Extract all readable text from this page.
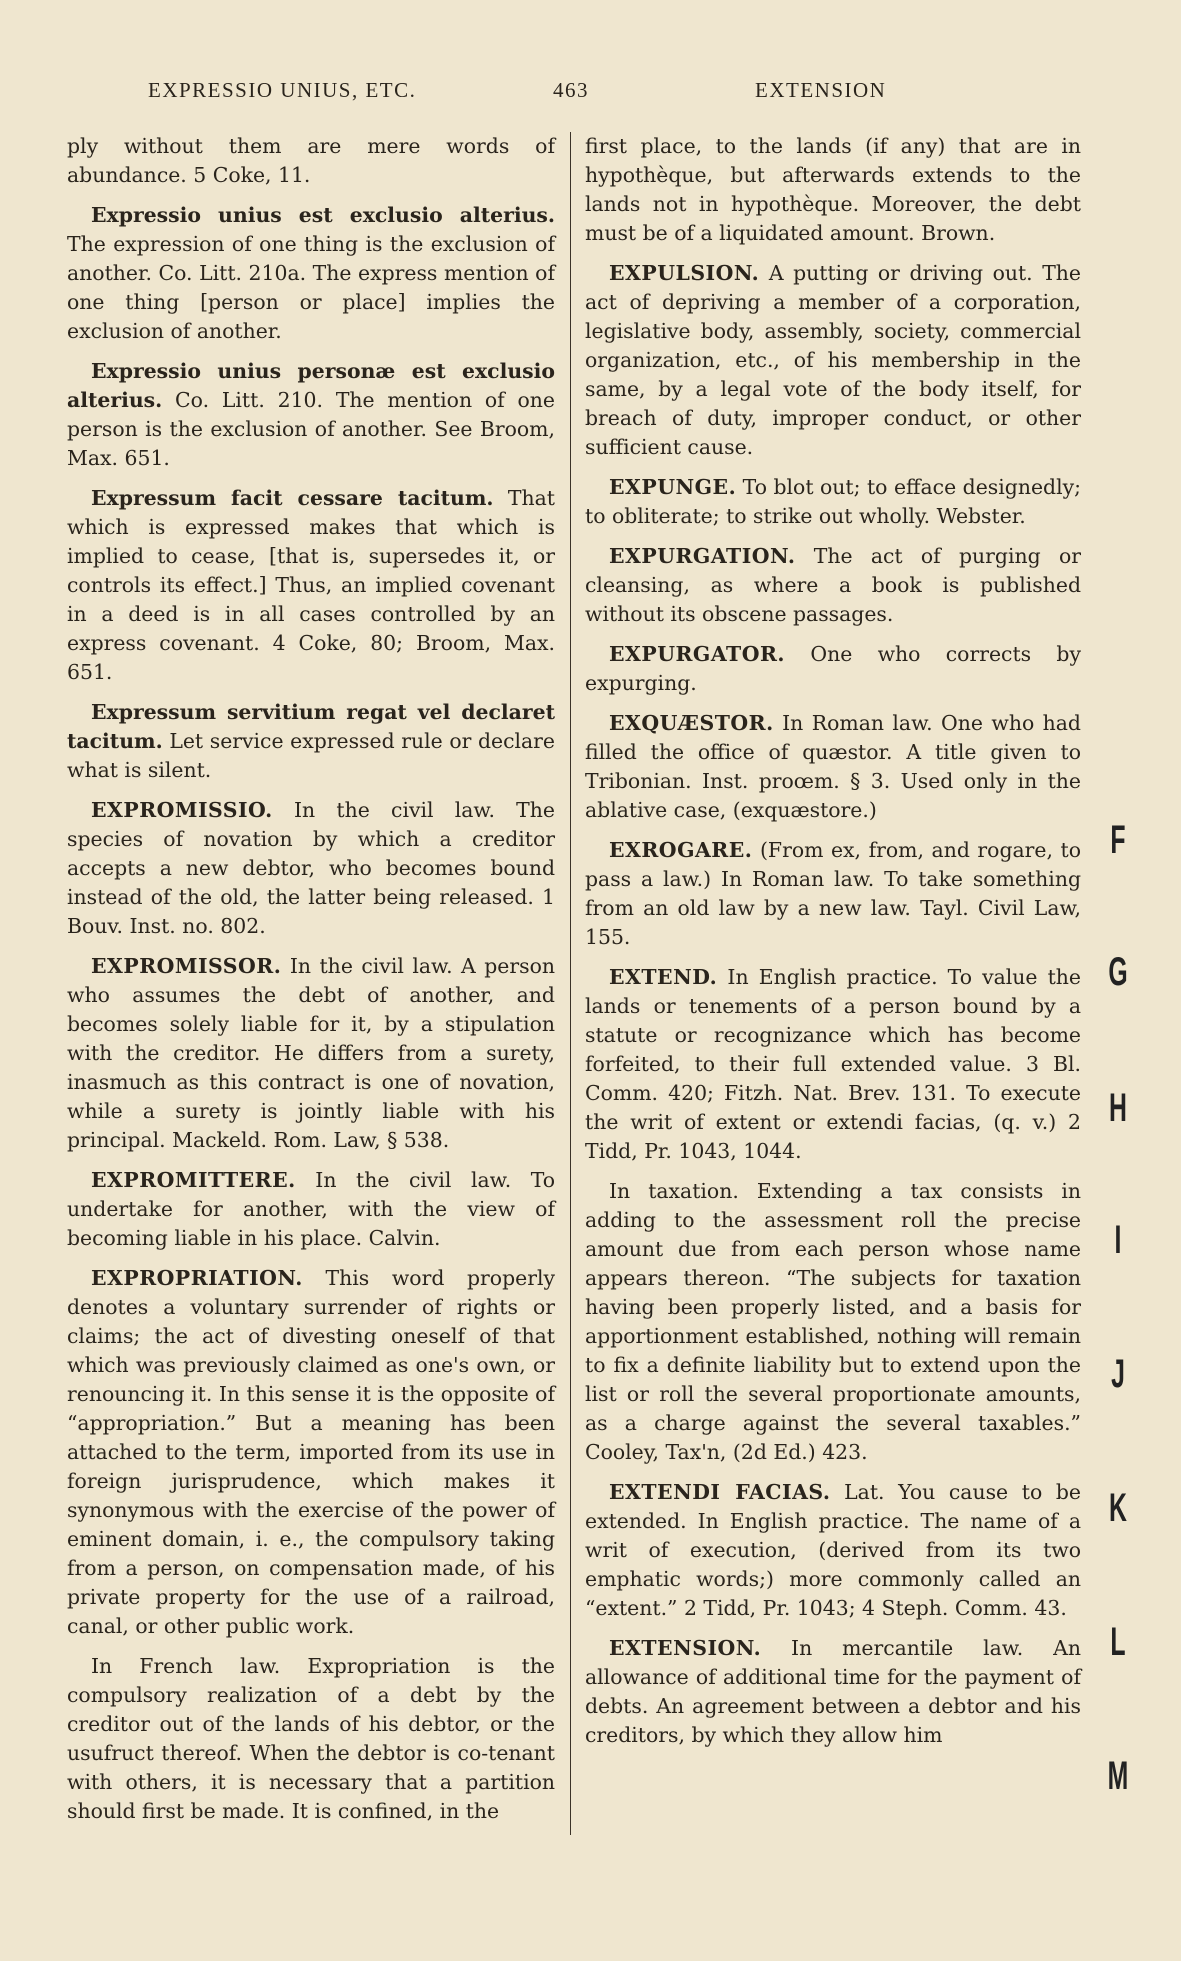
EXPRESSIO UNIUS, ETC.	463	EXTENSION

ply without them are mere words of abundance. 5 Coke, 11.

Expressio unius est exclusio alterius. The expression of one thing is the exclusion of another. Co. Litt. 210a. The express mention of one thing [person or place] implies the exclusion of another.

Expressio unius personæ est exclusio alterius. Co. Litt. 210. The mention of one person is the exclusion of another. See Broom, Max. 651.

Expressum facit cessare tacitum. That which is expressed makes that which is implied to cease, [that is, supersedes it, or controls its effect.] Thus, an implied covenant in a deed is in all cases controlled by an express covenant. 4 Coke, 80; Broom, Max. 651.

Expressum servitium regat vel declaret tacitum. Let service expressed rule or declare what is silent.

EXPROMISSIO. In the civil law. The species of novation by which a creditor accepts a new debtor, who becomes bound instead of the old, the latter being released. 1 Bouv. Inst. no. 802.

EXPROMISSOR. In the civil law. A person who assumes the debt of another, and becomes solely liable for it, by a stipulation with the creditor. He differs from a surety, inasmuch as this contract is one of novation, while a surety is jointly liable with his principal. Mackeld. Rom. Law, § 538.

EXPROMITTERE. In the civil law. To undertake for another, with the view of becoming liable in his place. Calvin.

EXPROPRIATION. This word properly denotes a voluntary surrender of rights or claims; the act of divesting oneself of that which was previously claimed as one's own, or renouncing it. In this sense it is the opposite of “appropriation.” But a meaning has been attached to the term, imported from its use in foreign jurisprudence, which makes it synonymous with the exercise of the power of eminent domain, i. e., the compulsory taking from a person, on compensation made, of his private property for the use of a railroad, canal, or other public work.

In French law. Expropriation is the compulsory realization of a debt by the creditor out of the lands of his debtor, or the usufruct thereof. When the debtor is co-tenant with others, it is necessary that a partition should first be made. It is confined, in the

first place, to the lands (if any) that are in hypothèque, but afterwards extends to the lands not in hypothèque. Moreover, the debt must be of a liquidated amount. Brown.

EXPULSION. A putting or driving out. The act of depriving a member of a corporation, legislative body, assembly, society, commercial organization, etc., of his membership in the same, by a legal vote of the body itself, for breach of duty, improper conduct, or other sufficient cause.

EXPUNGE. To blot out; to efface designedly; to obliterate; to strike out wholly. Webster.

EXPURGATION. The act of purging or cleansing, as where a book is published without its obscene passages.

EXPURGATOR. One who corrects by expurging.

EXQUÆSTOR. In Roman law. One who had filled the office of quæstor. A title given to Tribonian. Inst. proœm. § 3. Used only in the ablative case, (exquæstore.)

EXROGARE. (From ex, from, and rogare, to pass a law.) In Roman law. To take something from an old law by a new law. Tayl. Civil Law, 155.

EXTEND. In English practice. To value the lands or tenements of a person bound by a statute or recognizance which has become forfeited, to their full extended value. 3 Bl. Comm. 420; Fitzh. Nat. Brev. 131. To execute the writ of extent or extendi facias, (q. v.) 2 Tidd, Pr. 1043, 1044.

In taxation. Extending a tax consists in adding to the assessment roll the precise amount due from each person whose name appears thereon. “The subjects for taxation having been properly listed, and a basis for apportionment established, nothing will remain to fix a definite liability but to extend upon the list or roll the several proportionate amounts, as a charge against the several taxables.” Cooley, Tax'n, (2d Ed.) 423.

EXTENDI FACIAS. Lat. You cause to be extended. In English practice. The name of a writ of execution, (derived from its two emphatic words;) more commonly called an “extent.” 2 Tidd, Pr. 1043; 4 Steph. Comm. 43.

EXTENSION. In mercantile law. An allowance of additional time for the payment of debts. An agreement between a debtor and his creditors, by which they allow him

F
G
H
I
J
K
L
M
